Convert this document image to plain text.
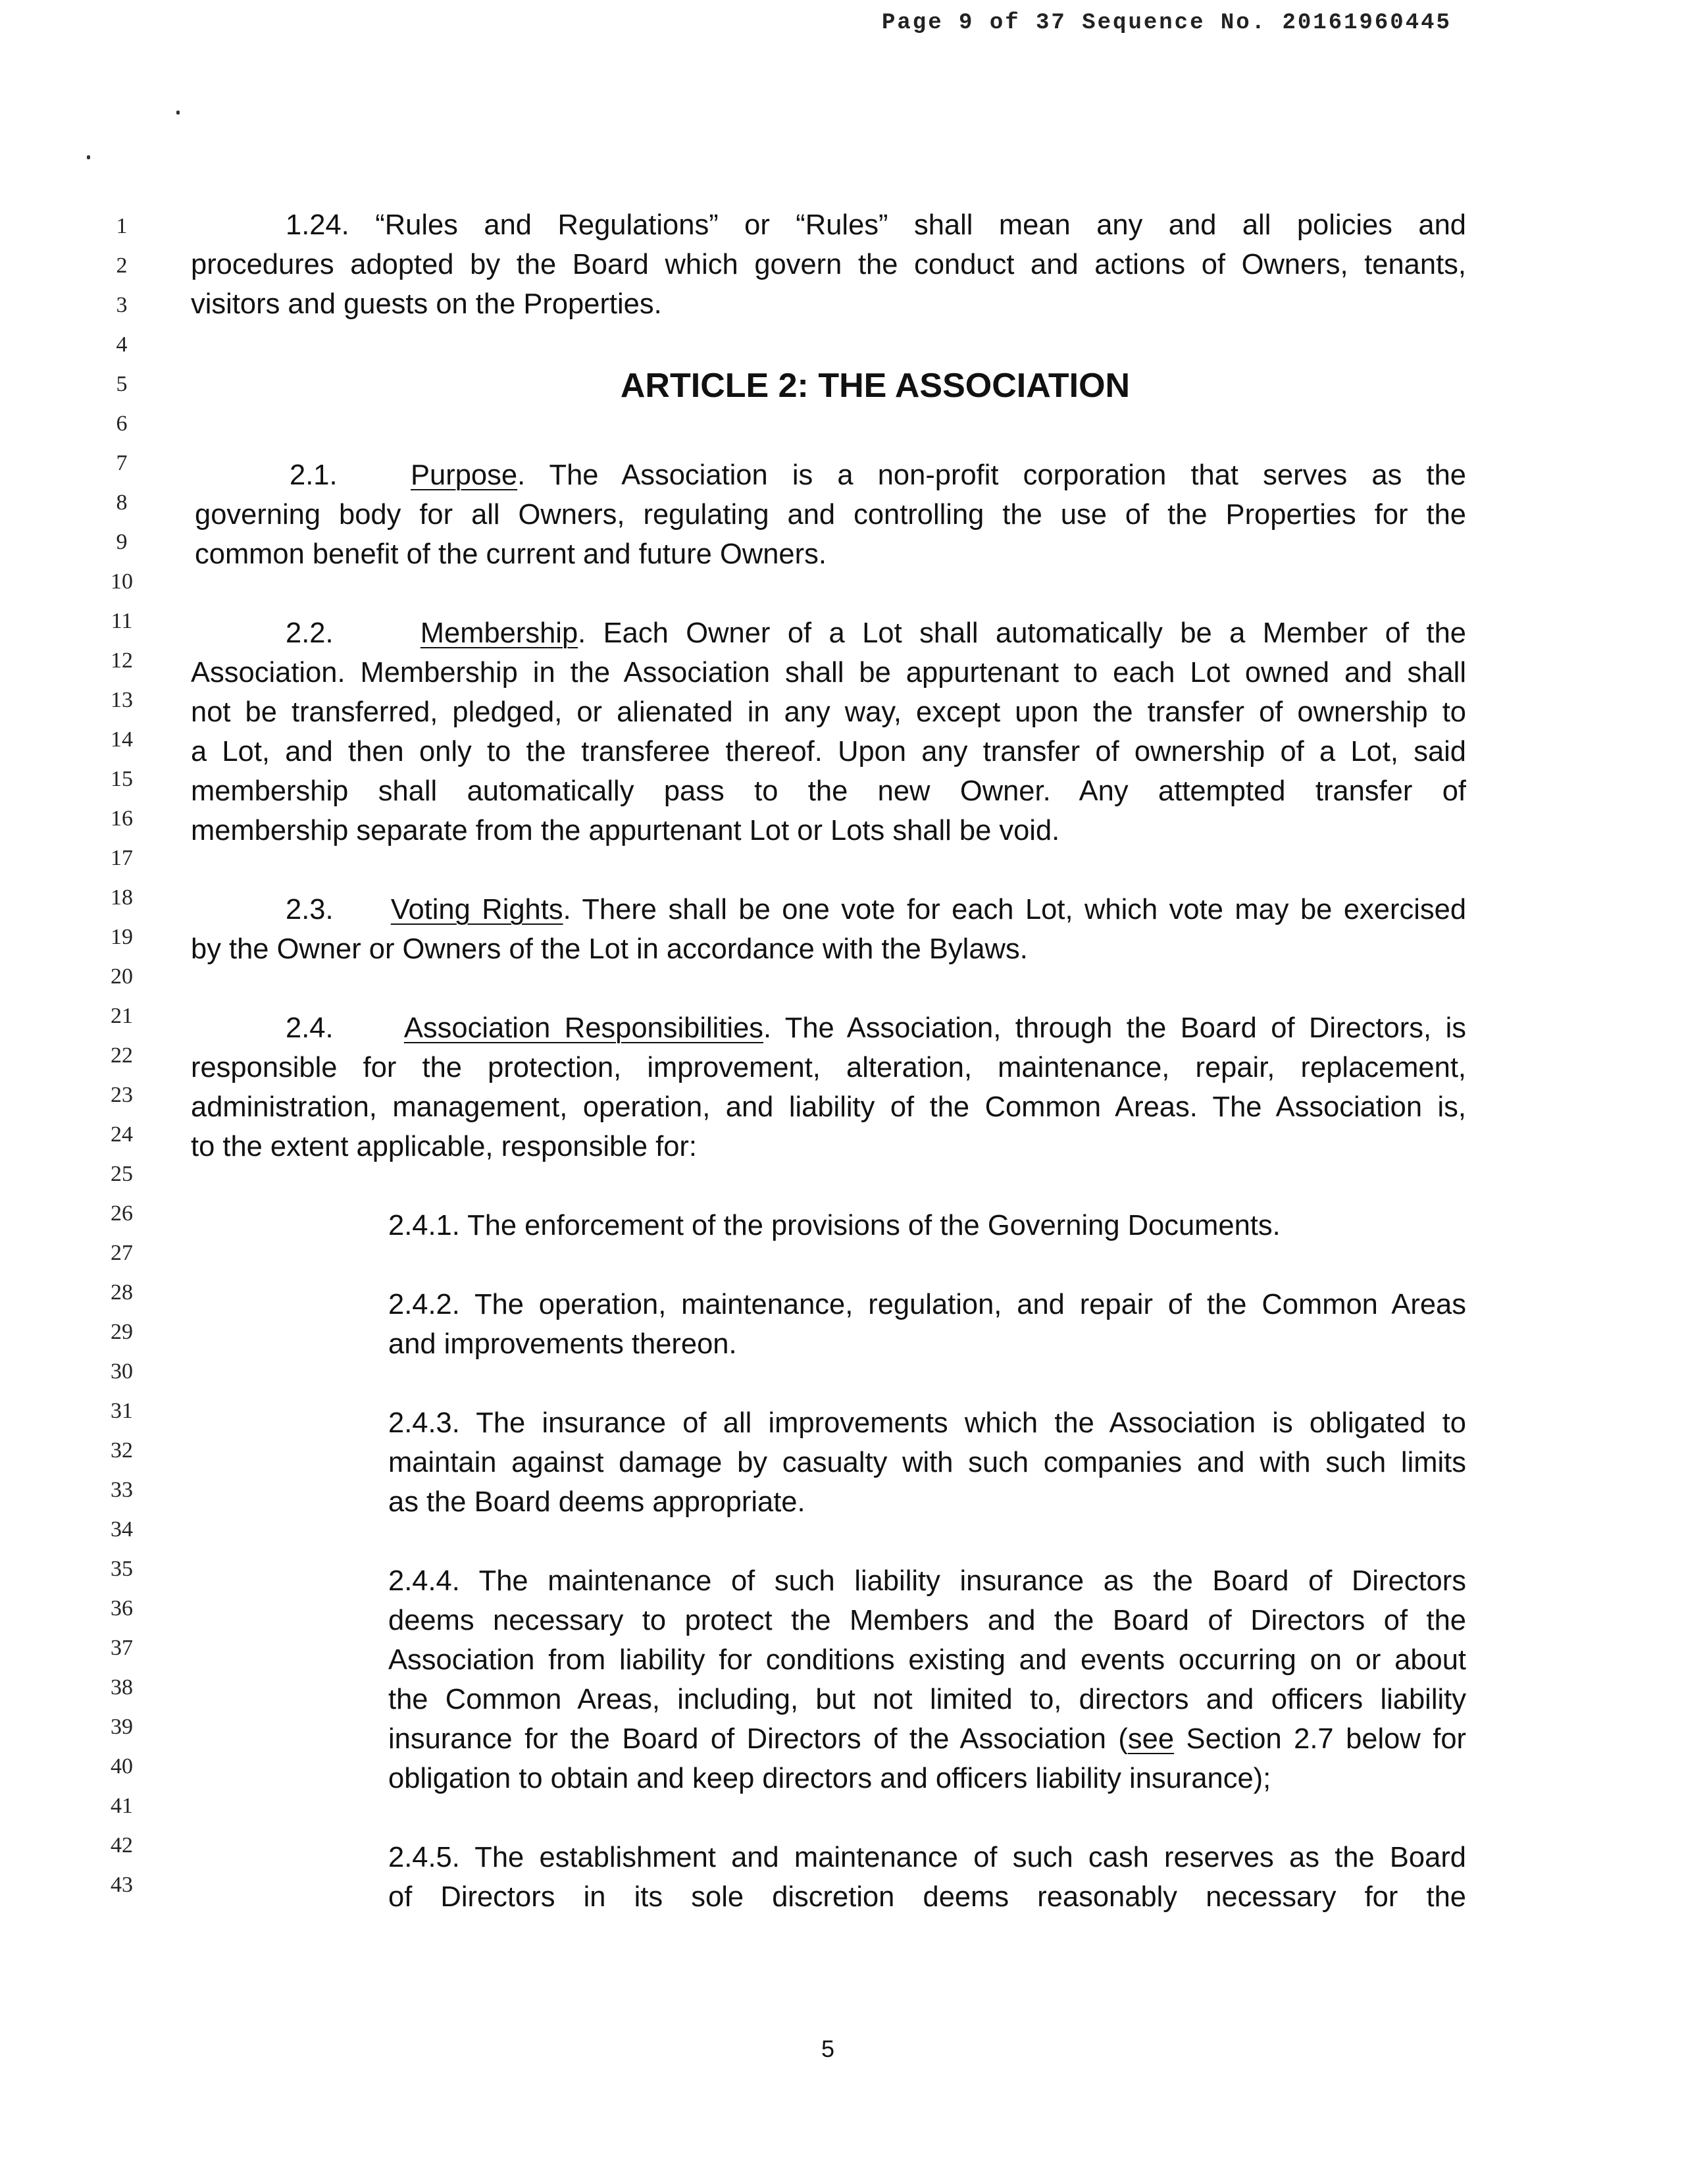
Page 9 of 37 Sequence No. 20161960445
1
2
3
4
5
6
7
8
9
10
11
12
13
14
15
16
17
18
19
20
21
22
23
24
25
26
27
28
29
30
31
32
33
34
35
36
37
38
39
40
41
42
43
1.24. “Rules and Regulations” or “Rules” shall mean any and all policies and
procedures adopted by the Board which govern the conduct and actions of Owners, tenants,
visitors and guests on the Properties.
ARTICLE 2: THE ASSOCIATION
2.1.	Purpose. The Association is a non-profit corporation that serves as the
governing body for all Owners, regulating and controlling the use of the Properties for the
common benefit of the current and future Owners.
2.2.	Membership. Each Owner of a Lot shall automatically be a Member of the
Association. Membership in the Association shall be appurtenant to each Lot owned and shall
not be transferred, pledged, or alienated in any way, except upon the transfer of ownership to
a Lot, and then only to the transferee thereof. Upon any transfer of ownership of a Lot, said
membership shall automatically pass to the new Owner. Any attempted transfer of
membership separate from the appurtenant Lot or Lots shall be void.
2.3. Voting Rights. There shall be one vote for each Lot, which vote may be exercised
by the Owner or Owners of the Lot in accordance with the Bylaws.
2.4. Association Responsibilities. The Association, through the Board of Directors, is
responsible for the protection, improvement, alteration, maintenance, repair, replacement,
administration, management, operation, and liability of the Common Areas. The Association is,
to the extent applicable, responsible for:
2.4.1. The enforcement of the provisions of the Governing Documents.
2.4.2. The operation, maintenance, regulation, and repair of the Common Areas
and improvements thereon.
2.4.3. The insurance of all improvements which the Association is obligated to
maintain against damage by casualty with such companies and with such limits
as the Board deems appropriate.
2.4.4. The maintenance of such liability insurance as the Board of Directors
deems necessary to protect the Members and the Board of Directors of the
Association from liability for conditions existing and events occurring on or about
the Common Areas, including, but not limited to, directors and officers liability
insurance for the Board of Directors of the Association (see Section 2.7 below for
obligation to obtain and keep directors and officers liability insurance);
2.4.5. The establishment and maintenance of such cash reserves as the Board
of Directors in its sole discretion deems reasonably necessary for the
5
